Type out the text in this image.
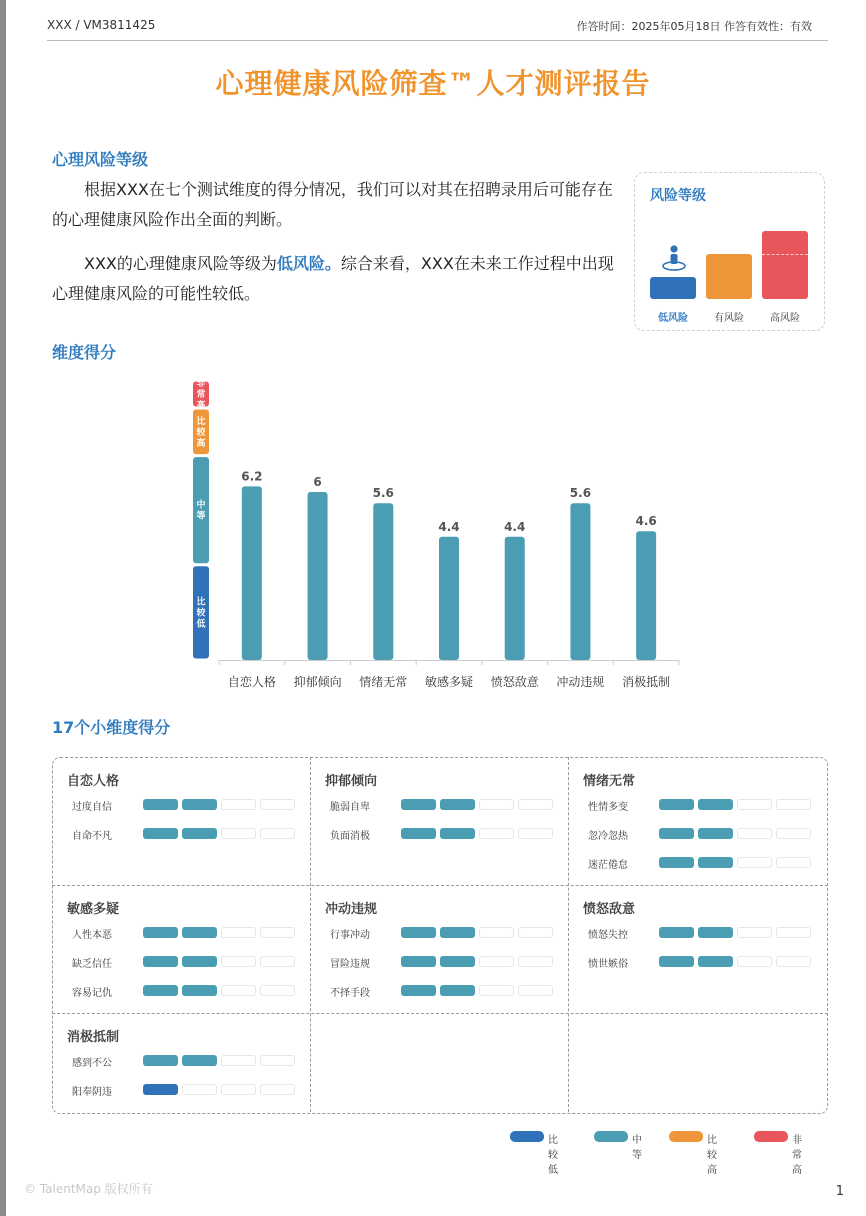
XXX / VM3811425	作答时间：2025年05月18日 作答有效性：有效
心理健康风险筛查™人才测评报告
心理风险等级
根据XXX在七个测试维度的得分情况，我们可以对其在招聘录用后可能存在的心理健康风险作出全面的判断。
XXX的心理健康风险等级为低风险。综合来看，XXX在未来工作过程中出现心理健康风险的可能性较低。
风险等级
低风险	有风险	高风险
维度得分
比较低
中等
比较高
非常高
6.2
自恋人格
6
抑郁倾向
5.6
情绪无常
4.4
敏感多疑
4.4
愤怒敌意
5.6
冲动违规
4.6
消极抵制
17个小维度得分
自恋人格
过度自信
自命不凡
抑郁倾向
脆弱自卑
负面消极
情绪无常
性情多变
忽冷忽热
迷茫倦怠
敏感多疑
人性本恶
缺乏信任
容易记仇
冲动违规
行事冲动
冒险违规
不择手段
愤怒敌意
愤怒失控
愤世嫉俗
消极抵制
感到不公
阳奉阴违
比较低
中等
比较高
非常高
© TalentMap 版权所有	1
